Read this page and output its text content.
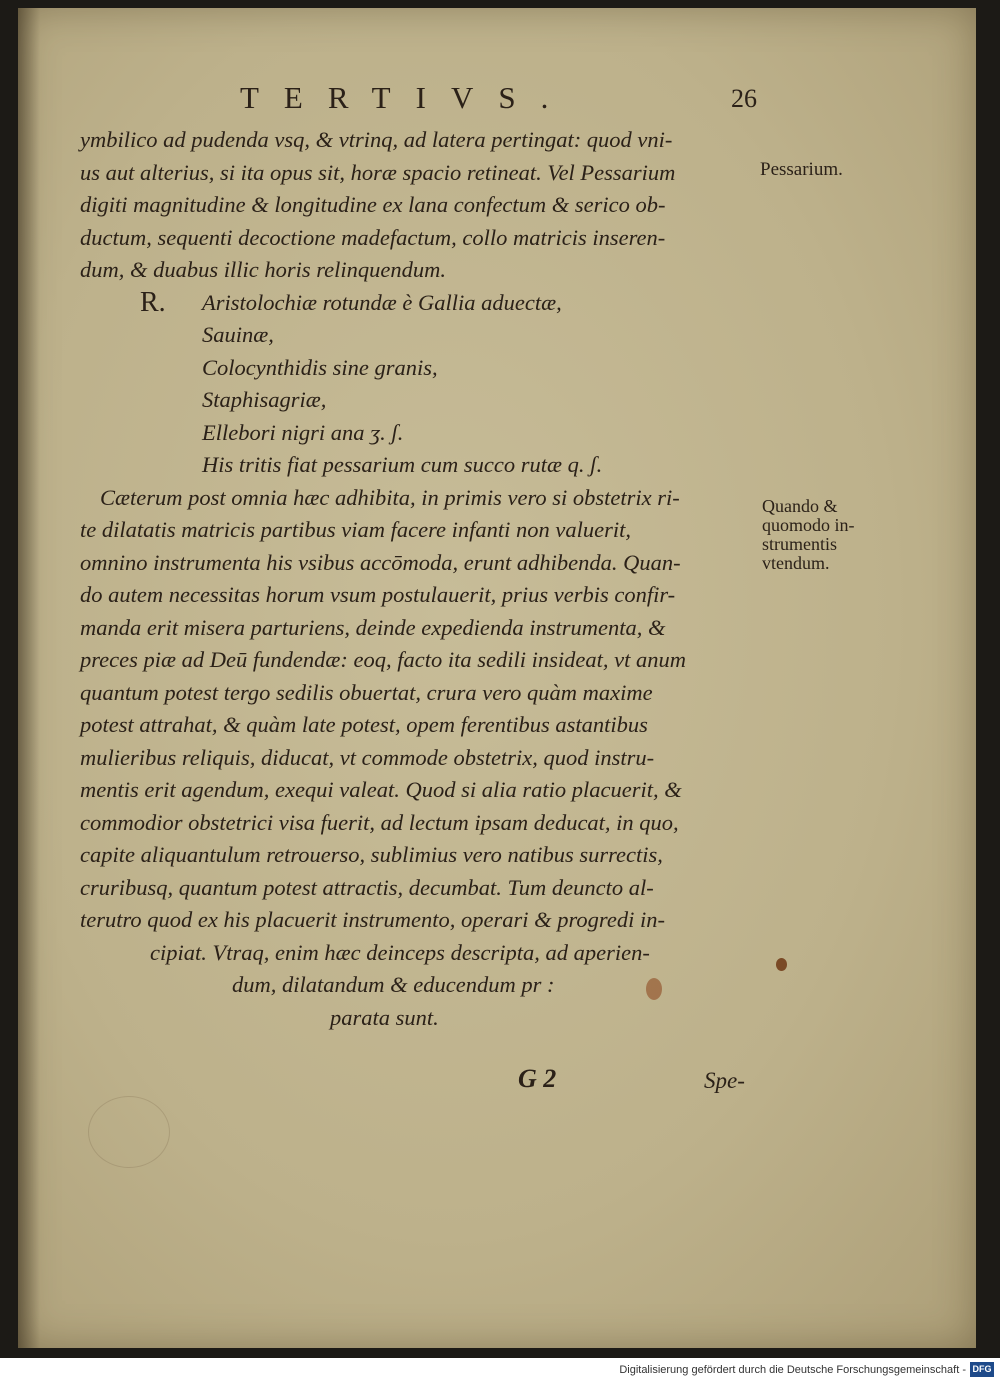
TERTIVS.	26
ymbilico ad pudenda vsq, & vtrinq, ad latera pertingat: quod vni-
us aut alterius, si ita opus sit, horæ spacio retineat. Vel Pessarium
digiti magnitudine & longitudine ex lana confectum & serico ob-
ductum, sequenti decoctione madefactum, collo matricis inseren-
dum, & duabus illic horis relinquendum.
R.	Aristolochiæ rotundæ è Gallia aduectæ,
Sauinæ,
Colocynthidis sine granis,
Staphisagriæ,
Ellebori nigri ana ʒ. ʃ.
His tritis fiat pessarium cum succo rutæ q. ʃ.
Cæterum post omnia hæc adhibita, in primis vero si obstetrix ri-
te dilatatis matricis partibus viam facere infanti non valuerit,
omnino instrumenta his vsibus accōmoda, erunt adhibenda. Quan-
do autem necessitas horum vsum postulauerit, prius verbis confir-
manda erit misera parturiens, deinde expedienda instrumenta, &
preces piæ ad Deū fundendæ: eoq, facto ita sedili insideat, vt anum
quantum potest tergo sedilis obuertat, crura vero quàm maxime
potest attrahat, & quàm late potest, opem ferentibus astantibus
mulieribus reliquis, diducat, vt commode obstetrix, quod instru-
mentis erit agendum, exequi valeat. Quod si alia ratio placuerit, &
commodior obstetrici visa fuerit, ad lectum ipsam deducat, in quo,
capite aliquantulum retrouerso, sublimius vero natibus surrectis,
cruribusq, quantum potest attractis, decumbat. Tum deuncto al-
terutro quod ex his placuerit instrumento, operari & progredi in-
cipiat. Vtraq, enim hæc deinceps descripta, ad aperien-
dum, dilatandum & educendum pr :
parata sunt.
Pessarium.
Quando &
quomodo in-
strumentis
vtendum.
G 2	Spe-
Digitalisierung gefördert durch die Deutsche Forschungsgemeinschaft - DFG
